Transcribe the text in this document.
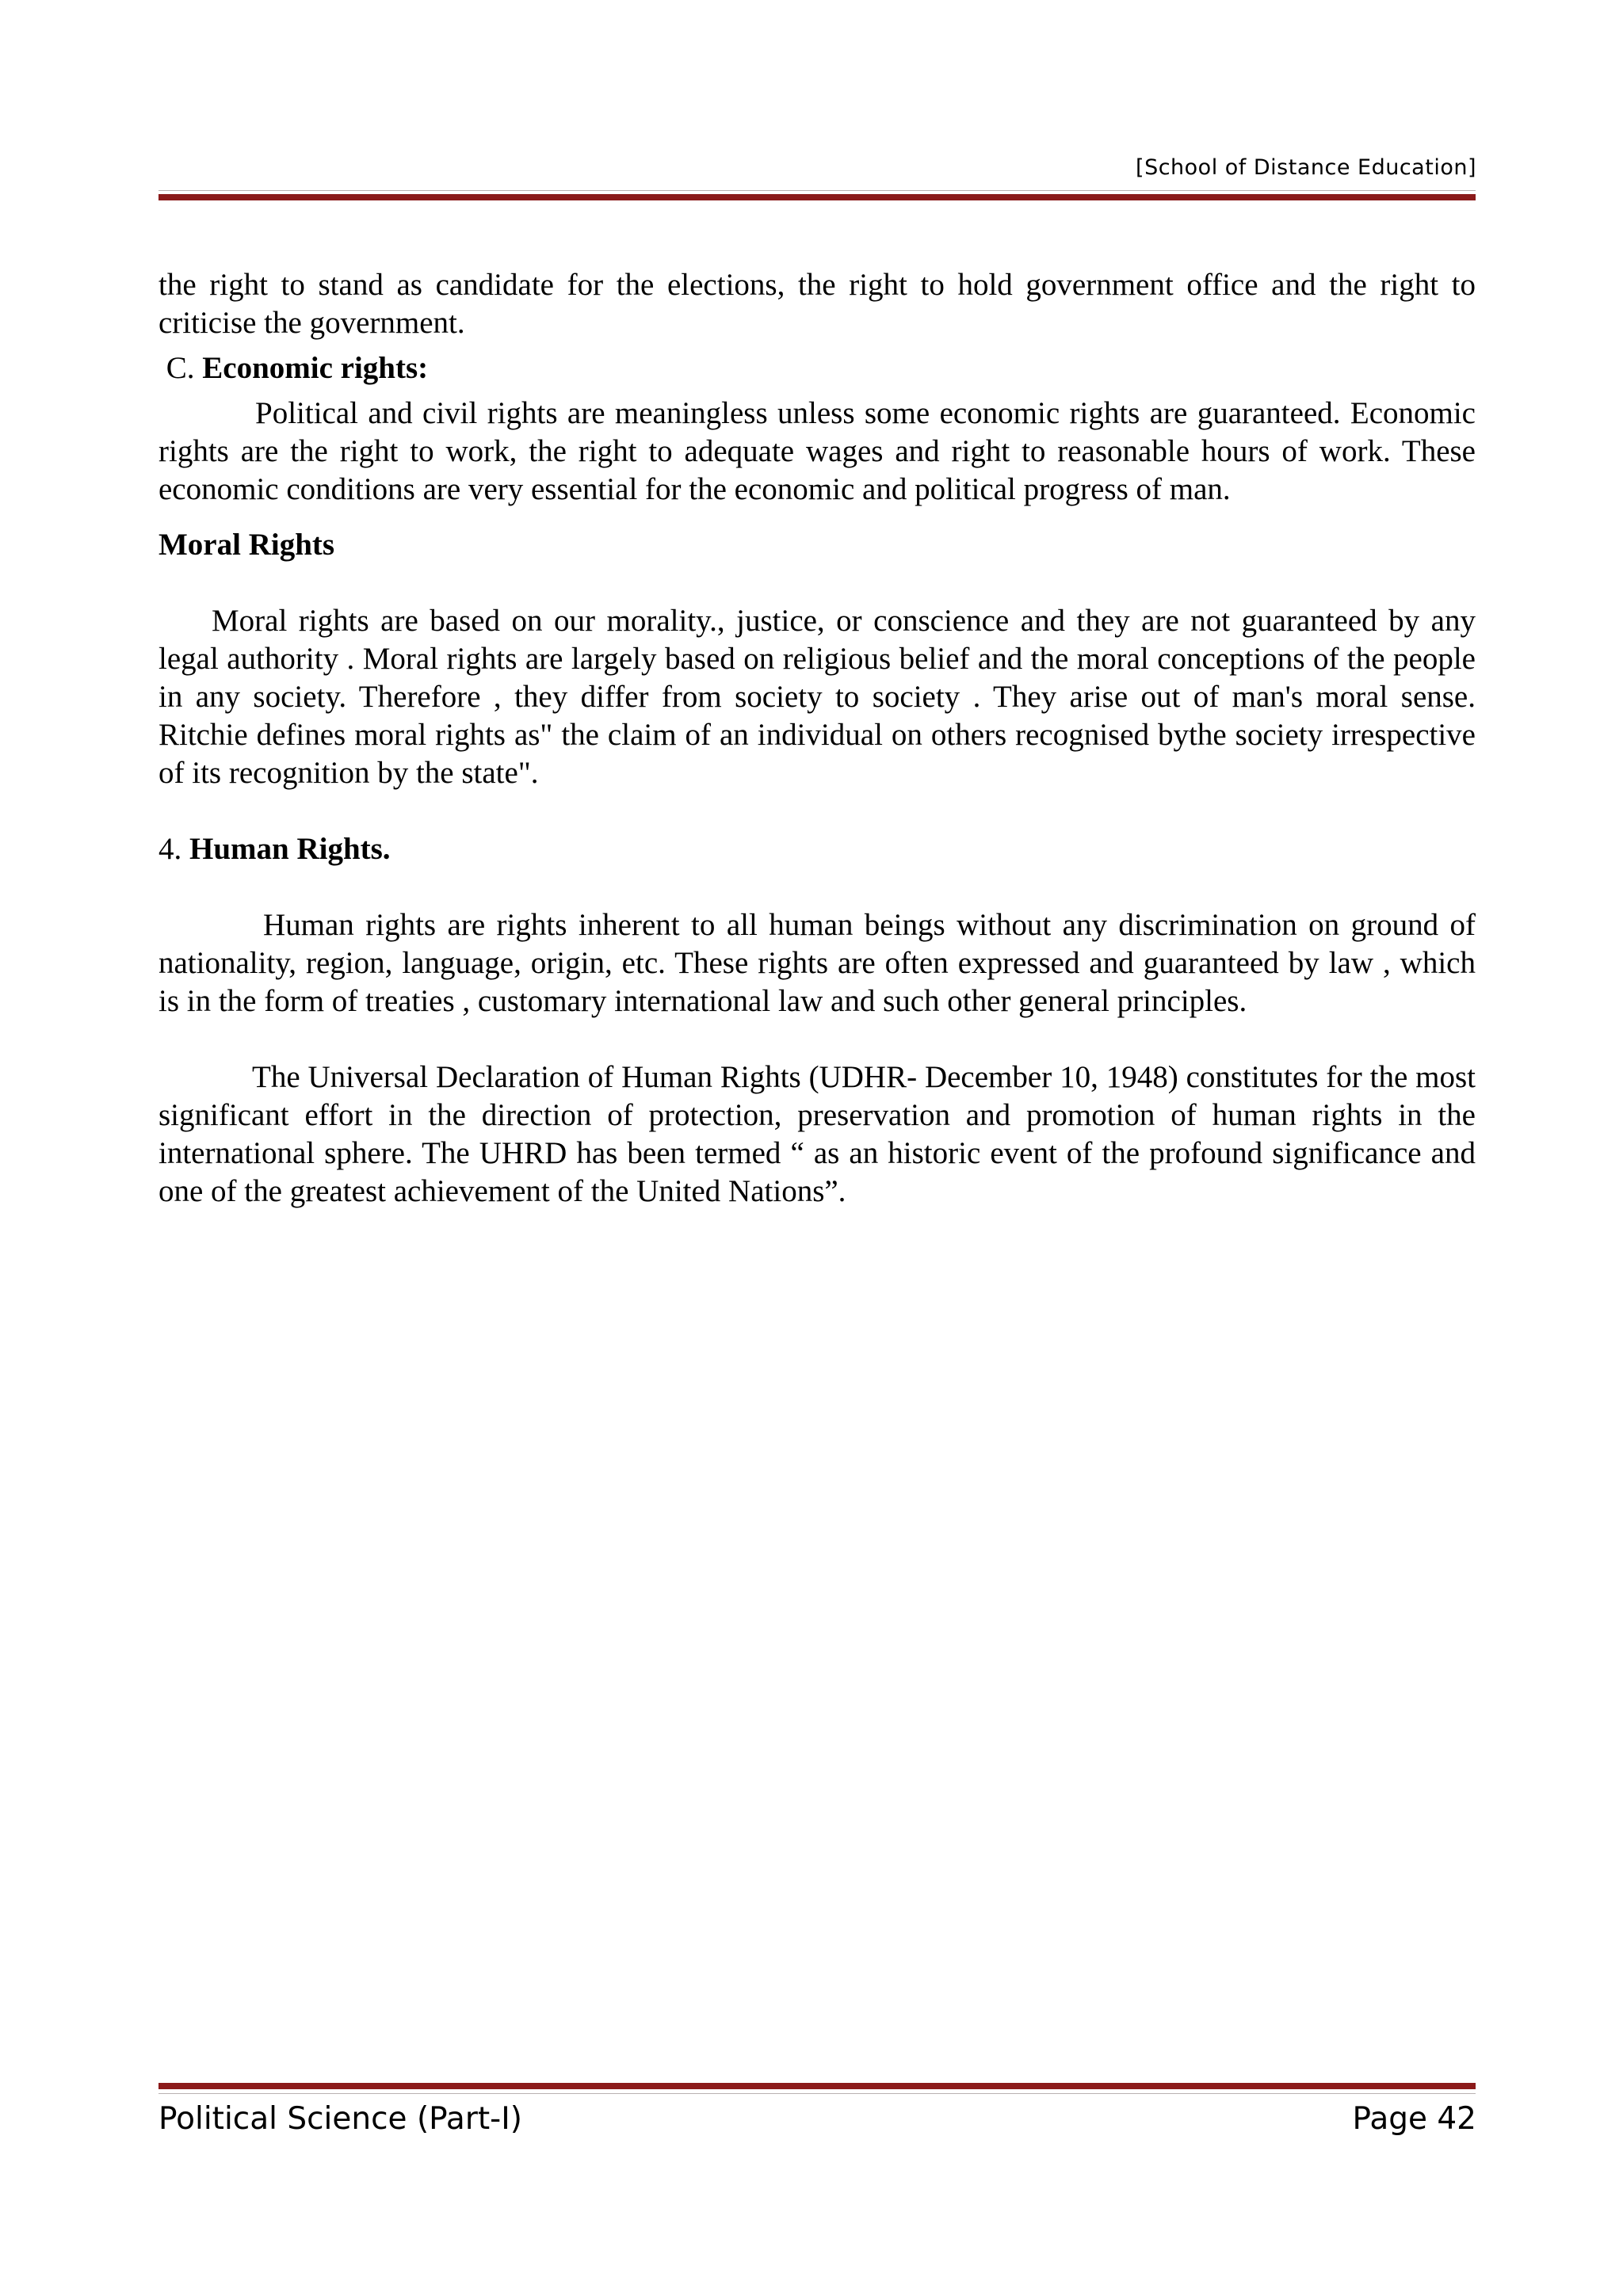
[School of Distance Education]

the right to stand as candidate for the elections, the right to hold government office and the right to criticise the government.

C. Economic rights:

Political and civil rights are meaningless unless some economic rights are guaranteed. Economic rights are the right to work, the right to adequate wages and right to reasonable hours of work. These economic conditions are very essential for the economic and political progress of man.

Moral Rights

Moral rights are based on our morality., justice, or conscience and they are not guaranteed by any legal authority . Moral rights are largely based on religious belief and the moral conceptions of the people in any society. Therefore , they differ from society to society . They arise out of man's moral sense. Ritchie defines moral rights as" the claim of an individual on others recognised bythe society irrespective of its recognition by the state".

4. Human Rights.

Human rights are rights inherent to all human beings without any discrimination on ground of nationality, region, language, origin, etc. These rights are often expressed and guaranteed by law , which is in the form of treaties , customary international law and such other general principles.

The Universal Declaration of Human Rights (UDHR- December 10, 1948) constitutes for the most significant effort in the direction of protection, preservation and promotion of human rights in the international sphere. The UHRD has been termed “ as an historic event of the profound significance and one of the greatest achievement of the United Nations”.

Political Science (Part-I)	Page 42
